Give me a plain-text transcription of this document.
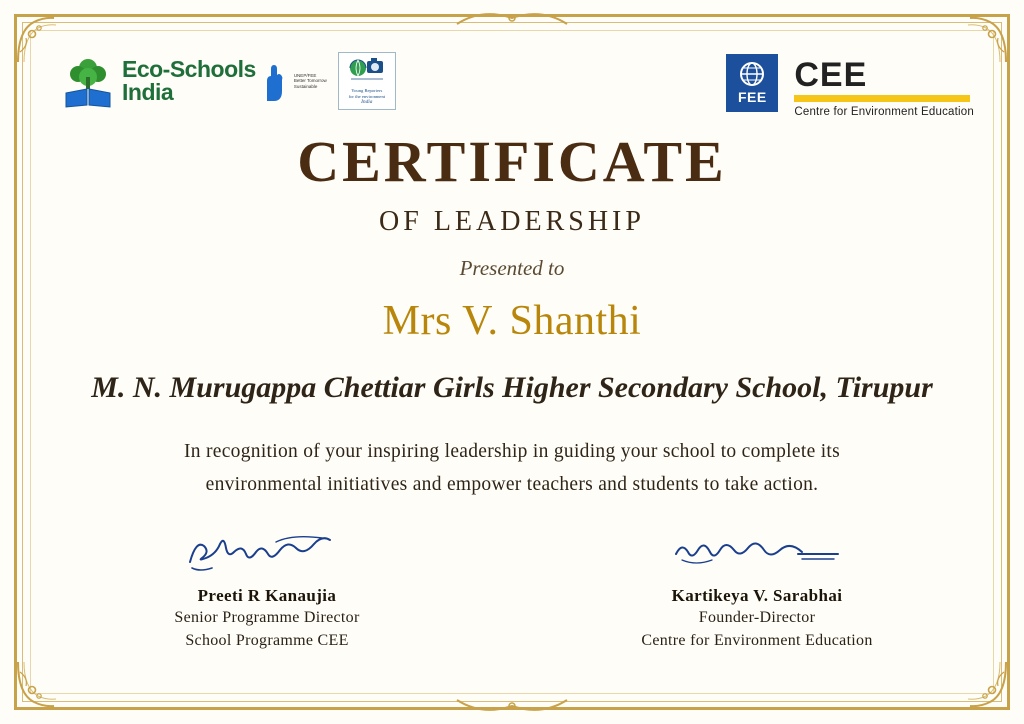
Eco-Schools
India
UNEP/FEE
Better Tomorrow
Sustainable
Young Reporters
for the environment
India	FEE
CEE
Centre for Environment Education
CERTIFICATE
OF LEADERSHIP
Presented to
Mrs V. Shanthi
M. N. Murugappa Chettiar Girls Higher Secondary School, Tirupur
In recognition of your inspiring leadership in guiding your school to complete its
environmental initiatives and empower teachers and students to take action.
Preeti R Kanaujia
Senior Programme Director
School Programme CEE
Kartikeya V. Sarabhai
Founder-Director
Centre for Environment Education
